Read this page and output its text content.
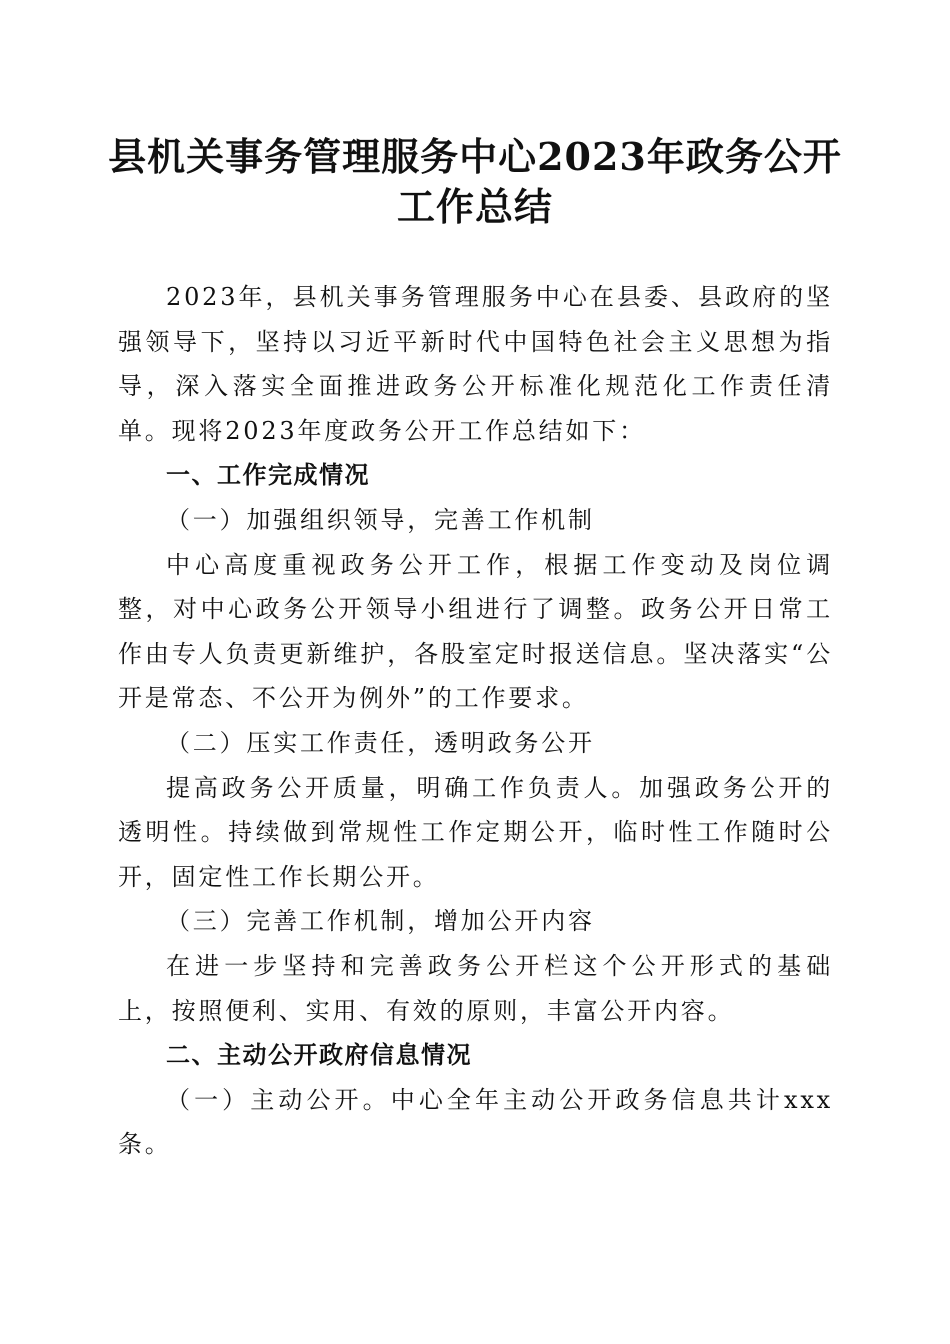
县机关事务管理服务中心2023年政务公开工作总结

2023年，县机关事务管理服务中心在县委、县政府的坚强领导下，坚持以习近平新时代中国特色社会主义思想为指导，深入落实全面推进政务公开标准化规范化工作责任清单。现将2023年度政务公开工作总结如下：

一、工作完成情况

（一）加强组织领导，完善工作机制

中心高度重视政务公开工作，根据工作变动及岗位调整，对中心政务公开领导小组进行了调整。政务公开日常工作由专人负责更新维护，各股室定时报送信息。坚决落实“公开是常态、不公开为例外”的工作要求。

（二）压实工作责任，透明政务公开

提高政务公开质量，明确工作负责人。加强政务公开的透明性。持续做到常规性工作定期公开，临时性工作随时公开，固定性工作长期公开。

（三）完善工作机制，增加公开内容

在进一步坚持和完善政务公开栏这个公开形式的基础上，按照便利、实用、有效的原则，丰富公开内容。

二、主动公开政府信息情况

（一）主动公开。中心全年主动公开政务信息共计xxx条。
